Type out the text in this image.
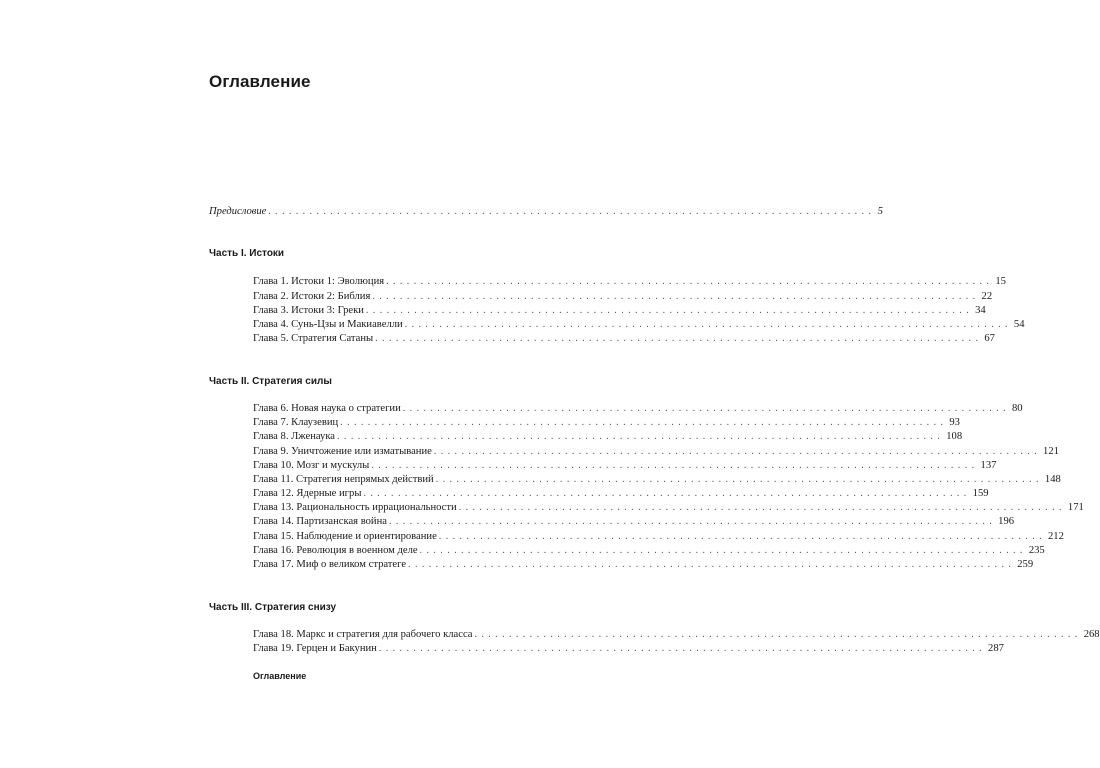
Оглавление
Предисловие ........................................................................................ 5
Часть I. Истоки
Глава 1. Истоки 1: Эволюция ........................................................................................ 15
Глава 2. Истоки 2: Библия ........................................................................................ 22
Глава 3. Истоки 3: Греки ........................................................................................ 34
Глава 4. Сунь-Цзы и Макиавелли ........................................................................................ 54
Глава 5. Стратегия Сатаны ........................................................................................ 67
Часть II. Стратегия силы
Глава 6. Новая наука о стратегии ........................................................................................ 80
Глава 7. Клаузевиц ........................................................................................ 93
Глава 8. Лженаука ........................................................................................ 108
Глава 9. Уничтожение или изматывание ........................................................................................ 121
Глава 10. Мозг и мускулы ........................................................................................ 137
Глава 11. Стратегия непрямых действий ........................................................................................ 148
Глава 12. Ядерные игры ........................................................................................ 159
Глава 13. Рациональность иррациональности ........................................................................................ 171
Глава 14. Партизанская война ........................................................................................ 196
Глава 15. Наблюдение и ориентирование ........................................................................................ 212
Глава 16. Революция в военном деле ........................................................................................ 235
Глава 17. Миф о великом стратеге ........................................................................................ 259
Часть III. Стратегия снизу
Глава 18. Маркс и стратегия для рабочего класса ........................................................................................ 268
Глава 19. Герцен и Бакунин ........................................................................................ 287
Оглавление
